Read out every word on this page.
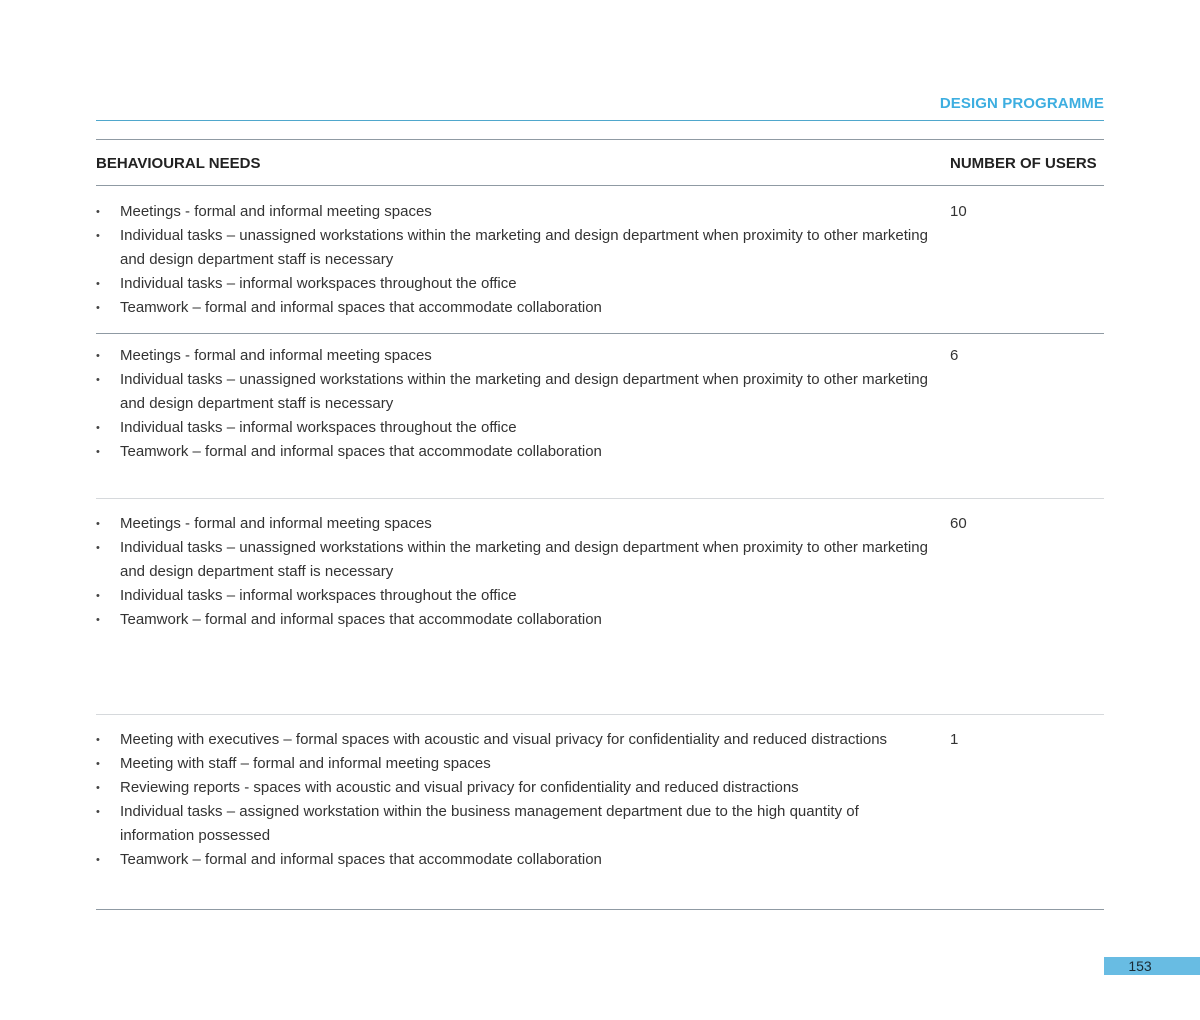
DESIGN PROGRAMME
BEHAVIOURAL NEEDS	NUMBER OF USERS
• Meetings - formal and informal meeting spaces
• Individual tasks – unassigned workstations within the marketing and design department when proximity to other marketing and design department staff is necessary
• Individual tasks – informal workspaces throughout the office
• Teamwork – formal and informal spaces that accommodate collaboration
10
• Meetings - formal and informal meeting spaces
• Individual tasks – unassigned workstations within the marketing and design department when proximity to other marketing and design department staff is necessary
• Individual tasks – informal workspaces throughout the office
• Teamwork – formal and informal spaces that accommodate collaboration
6
• Meetings - formal and informal meeting spaces
• Individual tasks – unassigned workstations within the marketing and design department when proximity to other marketing and design department staff is necessary
• Individual tasks – informal workspaces throughout the office
• Teamwork – formal and informal spaces that accommodate collaboration
60
• Meeting with executives – formal spaces with acoustic and visual privacy for confidentiality and reduced distractions
• Meeting with staff – formal and informal meeting spaces
• Reviewing reports - spaces with acoustic and visual privacy for confidentiality and reduced distractions
• Individual tasks – assigned workstation within the business management department due to the high quantity of information possessed
• Teamwork – formal and informal spaces that accommodate collaboration
1
153
